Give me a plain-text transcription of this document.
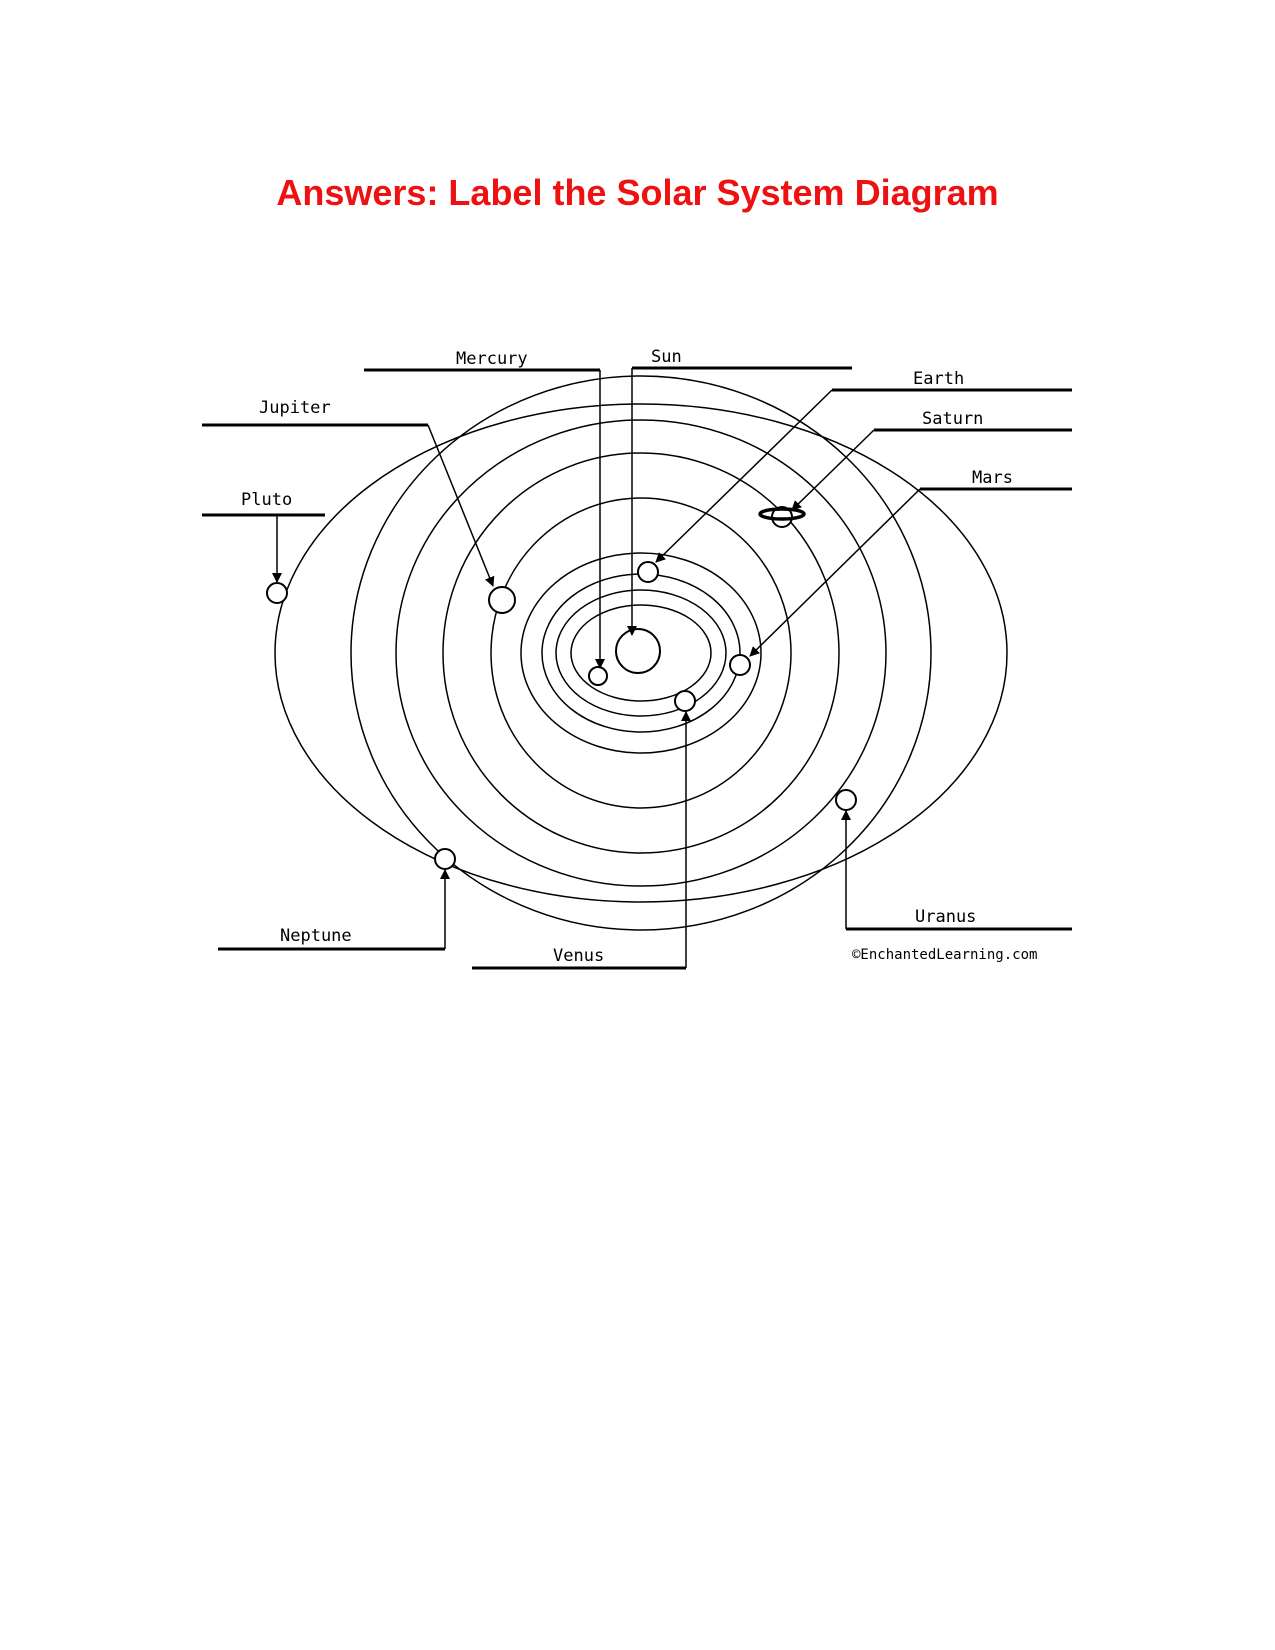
Answers: Label the Solar System Diagram
Mercury	Sun
Earth
Jupiter
Saturn
Mars
Pluto
Neptune
Venus
Uranus
©EnchantedLearning.com
